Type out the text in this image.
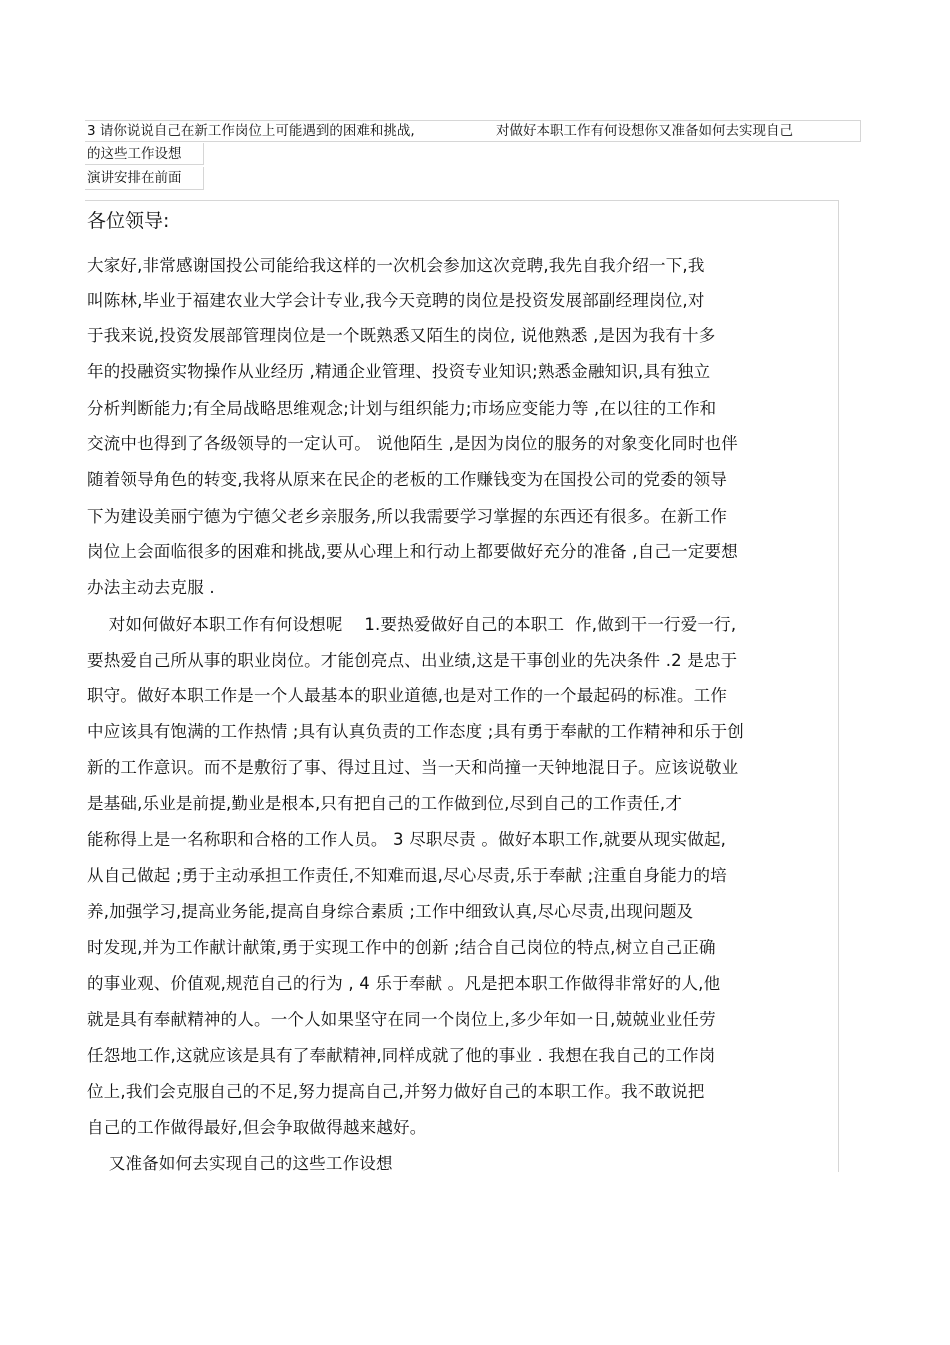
3 请你说说自己在新工作岗位上可能遇到的困难和挑战,	对做好本职工作有何设想你又准备如何去实现自己
的这些工作设想
演讲安排在前面
各位领导:
大家好,非常感谢国投公司能给我这样的一次机会参加这次竞聘,我先自我介绍一下,我
叫陈林,毕业于福建农业大学会计专业,我今天竞聘的岗位是投资发展部副经理岗位,对
于我来说,投资发展部管理岗位是一个既熟悉又陌生的岗位, 说他熟悉 ,是因为我有十多
年的投融资实物操作从业经历 ,精通企业管理、投资专业知识;熟悉金融知识,具有独立
分析判断能力;有全局战略思维观念;计划与组织能力;市场应变能力等 ,在以往的工作和
交流中也得到了各级领导的一定认可。 说他陌生 ,是因为岗位的服务的对象变化同时也伴
随着领导角色的转变,我将从原来在民企的老板的工作赚钱变为在国投公司的党委的领导
下为建设美丽宁德为宁德父老乡亲服务,所以我需要学习掌握的东西还有很多。在新工作
岗位上会面临很多的困难和挑战,要从心理上和行动上都要做好充分的准备 ,自己一定要想
办法主动去克服 .
对如何做好本职工作有何设想呢    1.要热爱做好自己的本职工  作,做到干一行爱一行,
要热爱自己所从事的职业岗位。才能创亮点、出业绩,这是干事创业的先决条件 .2 是忠于
职守。做好本职工作是一个人最基本的职业道德,也是对工作的一个最起码的标准。工作
中应该具有饱满的工作热情 ;具有认真负责的工作态度 ;具有勇于奉献的工作精神和乐于创
新的工作意识。而不是敷衍了事、得过且过、当一天和尚撞一天钟地混日子。应该说敬业
是基础,乐业是前提,勤业是根本,只有把自己的工作做到位,尽到自己的工作责任,才
能称得上是一名称职和合格的工作人员。 3 尽职尽责 。做好本职工作,就要从现实做起,
从自己做起 ;勇于主动承担工作责任,不知难而退,尽心尽责,乐于奉献 ;注重自身能力的培
养,加强学习,提高业务能,提高自身综合素质 ;工作中细致认真,尽心尽责,出现问题及
时发现,并为工作献计献策,勇于实现工作中的创新 ;结合自己岗位的特点,树立自己正确
的事业观、价值观,规范自己的行为 , 4 乐于奉献 。凡是把本职工作做得非常好的人,他
就是具有奉献精神的人。一个人如果坚守在同一个岗位上,多少年如一日,兢兢业业任劳
任怨地工作,这就应该是具有了奉献精神,同样成就了他的事业 . 我想在我自己的工作岗
位上,我们会克服自己的不足,努力提高自己,并努力做好自己的本职工作。我不敢说把
自己的工作做得最好,但会争取做得越来越好。
又准备如何去实现自己的这些工作设想
